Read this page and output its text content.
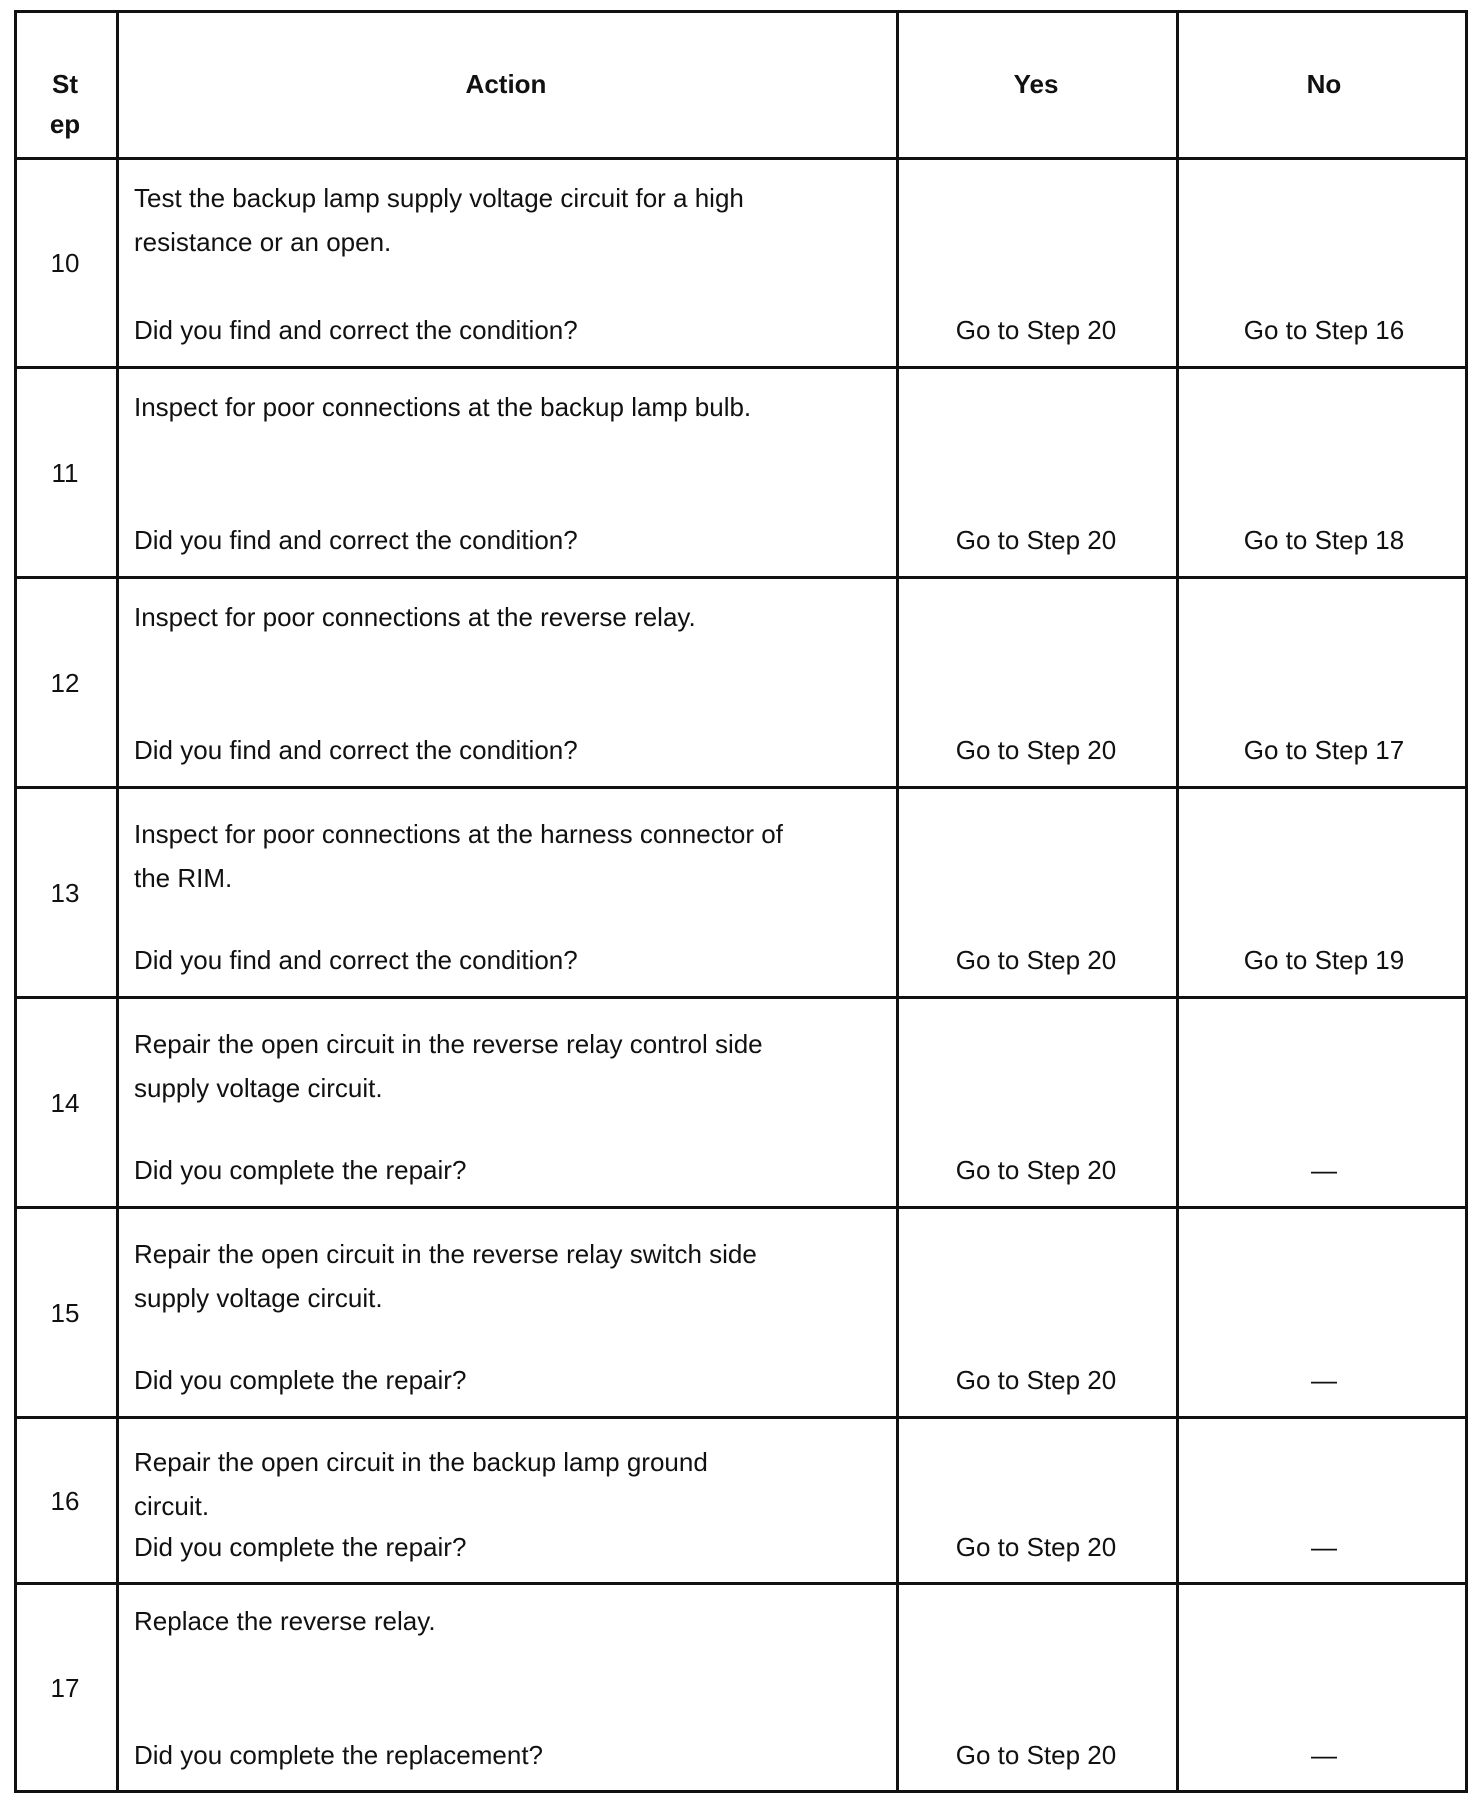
St
ep
Action	Yes	No
10
Test the backup lamp supply voltage circuit for a high
resistance or an open.
Did you find and correct the condition?	Go to Step 20	Go to Step 16
11
Inspect for poor connections at the backup lamp bulb.
Did you find and correct the condition?	Go to Step 20	Go to Step 18
12
Inspect for poor connections at the reverse relay.
Did you find and correct the condition?	Go to Step 20	Go to Step 17
13
Inspect for poor connections at the harness connector of
the RIM.
Did you find and correct the condition?	Go to Step 20	Go to Step 19
14
Repair the open circuit in the reverse relay control side
supply voltage circuit.
Did you complete the repair?	Go to Step 20	—
15
Repair the open circuit in the reverse relay switch side
supply voltage circuit.
Did you complete the repair?	Go to Step 20	—
16
Repair the open circuit in the backup lamp ground
circuit.
Did you complete the repair?	Go to Step 20	—
17
Replace the reverse relay.
Did you complete the replacement?	Go to Step 20	—
